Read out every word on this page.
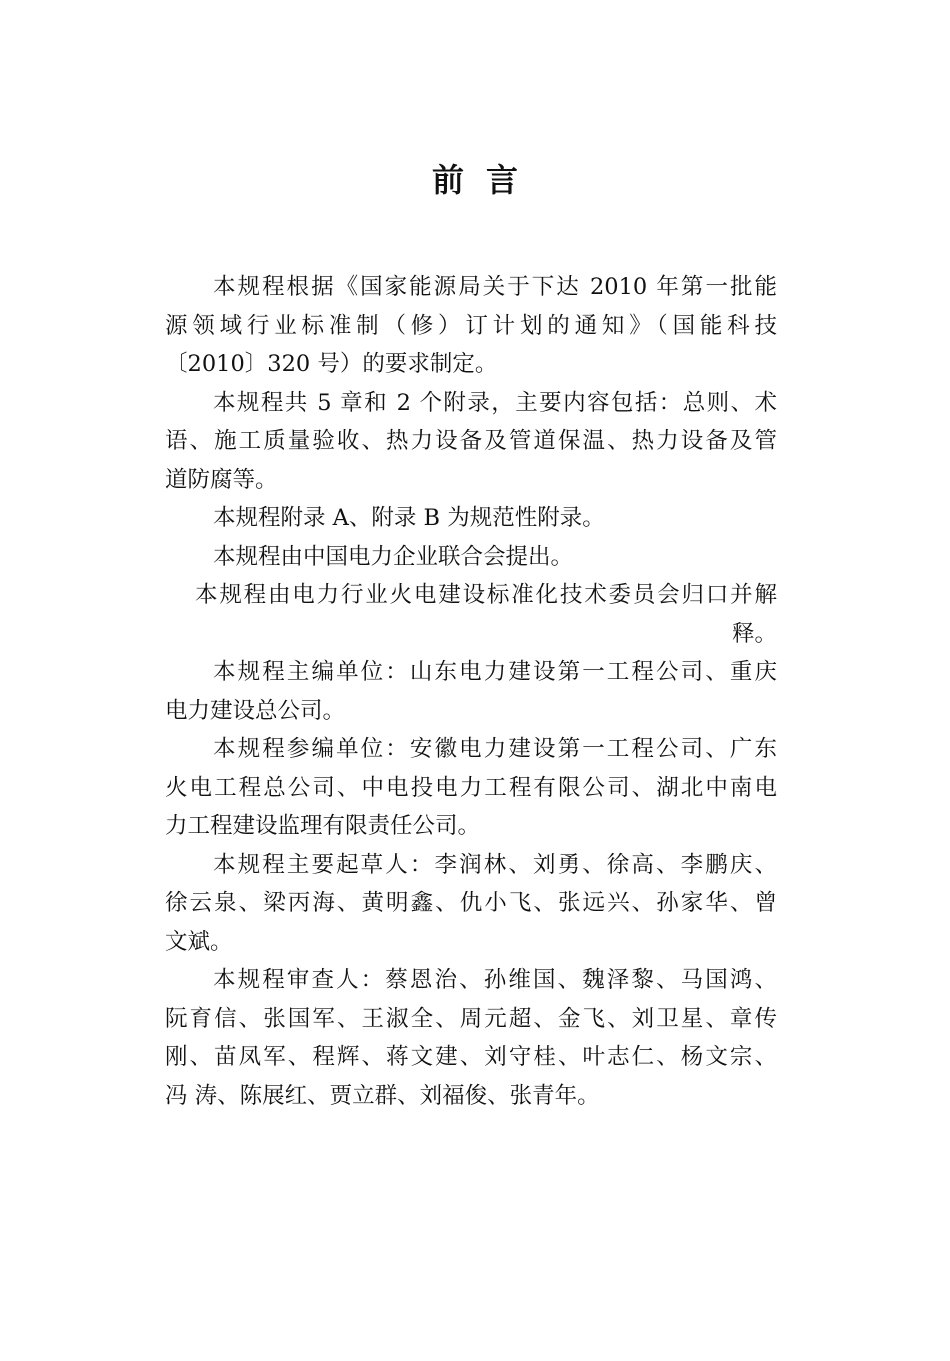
前言
本规程根据《国家能源局关于下达 2010 年第一批能
源领域行业标准制（修）订计划的通知》（国能科技
〔2010〕320 号）的要求制定。
本规程共 5 章和 2 个附录，主要内容包括：总则、术
语、施工质量验收、热力设备及管道保温、热力设备及管
道防腐等。
本规程附录 A、附录 B 为规范性附录。
本规程由中国电力企业联合会提出。
本规程由电力行业火电建设标准化技术委员会归口并解
释。
本规程主编单位：山东电力建设第一工程公司、重庆
电力建设总公司。
本规程参编单位：安徽电力建设第一工程公司、广东
火电工程总公司、中电投电力工程有限公司、湖北中南电
力工程建设监理有限责任公司。
本规程主要起草人：李润林、刘勇、徐高、李鹏庆、
徐云泉、梁丙海、黄明鑫、仇小飞、张远兴、孙家华、曾
文斌。
本规程审查人：蔡恩治、孙维国、魏泽黎、马国鸿、
阮育信、张国军、王淑全、周元超、金飞、刘卫星、章传
刚、苗凤军、程辉、蒋文建、刘守桂、叶志仁、杨文宗、
冯 涛、陈展红、贾立群、刘福俊、张青年。
